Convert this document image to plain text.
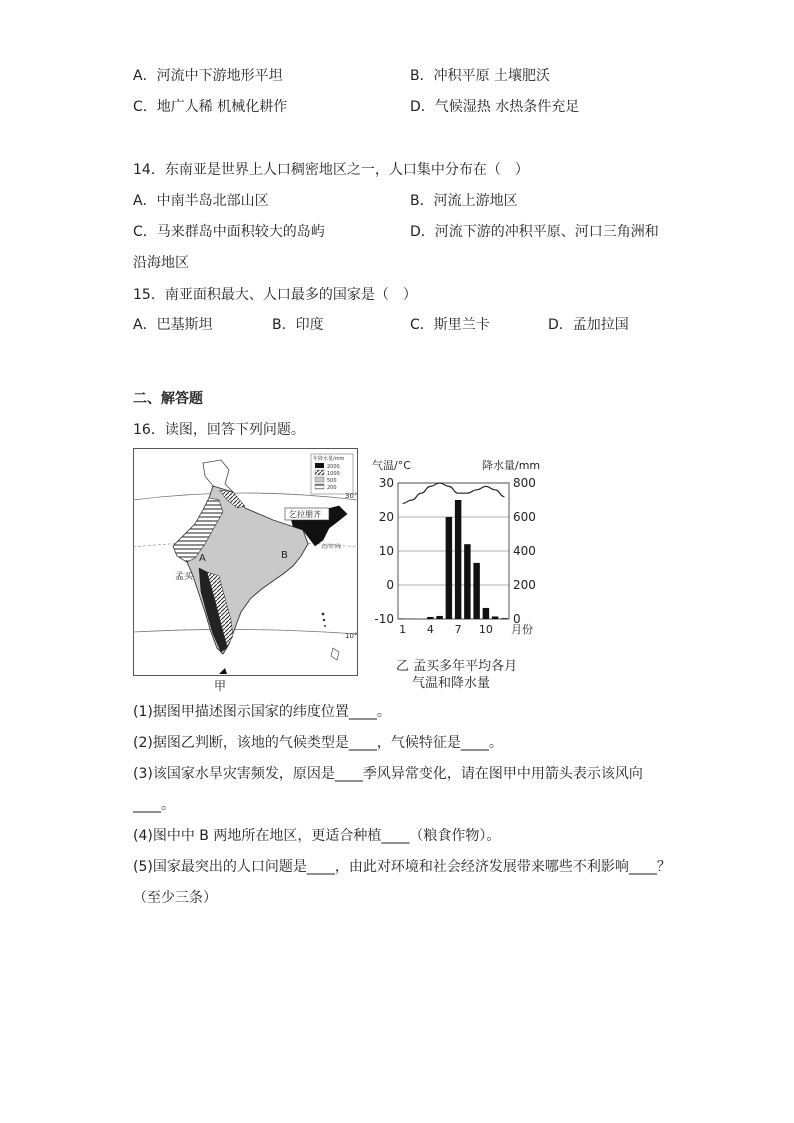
A．河流中下游地形平坦	B．冲积平原 土壤肥沃
C．地广人稀 机械化耕作	D．气候湿热 水热条件充足
14．东南亚是世界上人口稠密地区之一，人口集中分布在（　）
A．中南半岛北部山区	B．河流上游地区
C．马来群岛中面积较大的岛屿	D．河流下游的冲积平原、河口三角洲和
沿海地区
15．南亚面积最大、人口最多的国家是（　）
A．巴基斯坦	B．印度	C．斯里兰卡	D．孟加拉国
二、解答题
16．读图，回答下列问题。
乞拉朋齐
年降水量/mm
2000
1000
500
200
A	B
孟买
北回归线
30°
10°
甲
气温/°C	降水量/mm
30
20
10
0
-10
800
600
400
200
0
1 4 7 10 月份
乙 孟买多年平均各月
气温和降水量
(1)据图甲描述图示国家的纬度位置____。
(2)据图乙判断，该地的气候类型是____，气候特征是____。
(3)该国家水旱灾害频发，原因是____季风异常变化，请在图甲中用箭头表示该风向
____。
(4)图中中 B 两地所在地区，更适合种植____（粮食作物）。
(5)国家最突出的人口问题是____，由此对环境和社会经济发展带来哪些不利影响____？
（至少三条）
